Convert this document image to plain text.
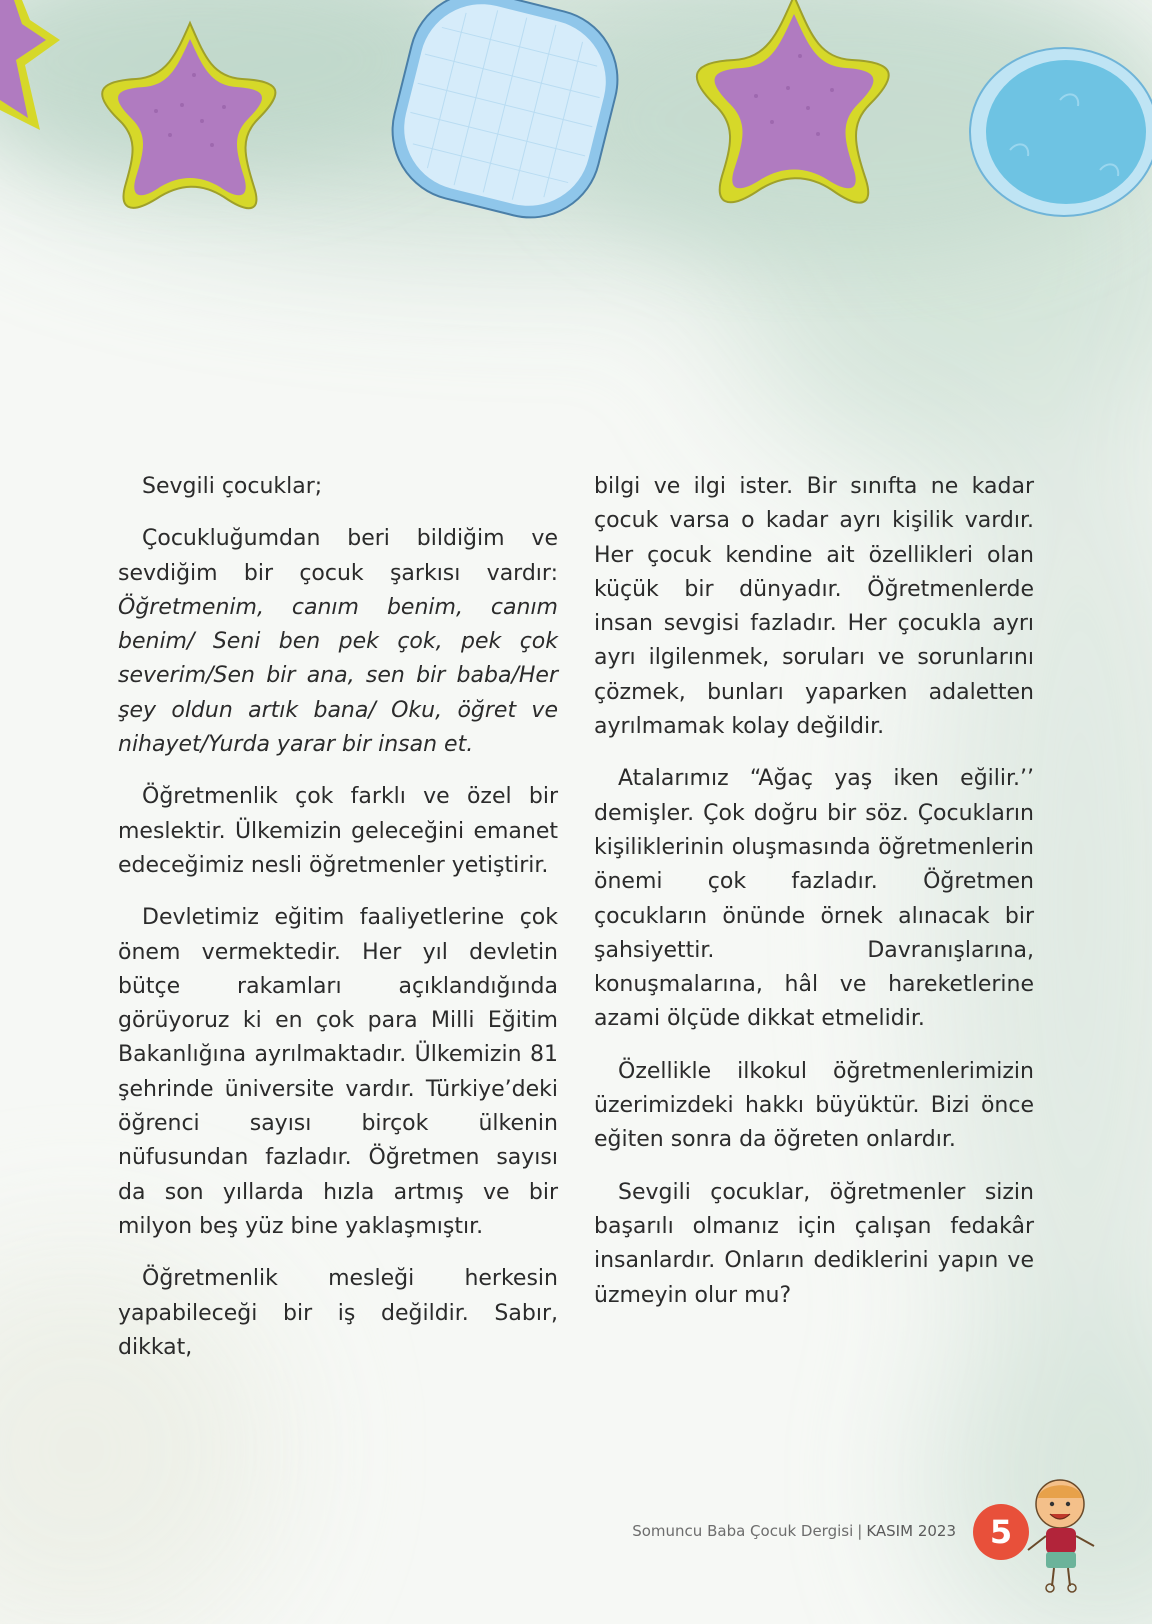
Sevgili çocuklar;

Çocukluğumdan beri bildiğim ve sevdiğim bir çocuk şarkısı vardır: Öğretmenim, canım benim, canım benim/ Seni ben pek çok, pek çok severim/Sen bir ana, sen bir baba/Her şey oldun artık bana/ Oku, öğret ve nihayet/Yurda yarar bir insan et.

Öğretmenlik çok farklı ve özel bir meslektir. Ülkemizin geleceğini emanet edeceğimiz nesli öğretmenler yetiştirir.

Devletimiz eğitim faaliyetlerine çok önem vermektedir. Her yıl devletin bütçe rakamları açıklandığında görüyoruz ki en çok para Milli Eğitim Bakanlığına ayrılmaktadır. Ülkemizin 81 şehrinde üniversite vardır. Türkiye’deki öğrenci sayısı birçok ülkenin nüfusundan fazladır. Öğretmen sayısı da son yıllarda hızla artmış ve bir milyon beş yüz bine yaklaşmıştır.

Öğretmenlik mesleği herkesin yapabileceği bir iş değildir. Sabır, dikkat,

bilgi ve ilgi ister. Bir sınıfta ne kadar çocuk varsa o kadar ayrı kişilik vardır. Her çocuk kendine ait özellikleri olan küçük bir dünyadır. Öğretmenlerde insan sevgisi fazladır. Her çocukla ayrı ayrı ilgilenmek, soruları ve sorunlarını çözmek, bunları yaparken adaletten ayrılmamak kolay değildir.

Atalarımız “Ağaç yaş iken eğilir.’’ demişler. Çok doğru bir söz. Çocukların kişiliklerinin oluşmasında öğretmenlerin önemi çok fazladır. Öğretmen çocukların önünde örnek alınacak bir şahsiyettir. Davranışlarına, konuşmalarına, hâl ve hareketlerine azami ölçüde dikkat etmelidir.

Özellikle ilkokul öğretmenlerimizin üzerimizdeki hakkı büyüktür. Bizi önce eğiten sonra da öğreten onlardır.

Sevgili çocuklar, öğretmenler sizin başarılı olmanız için çalışan fedakâr insanlardır. Onların dediklerini yapın ve üzmeyin olur mu?

Somuncu Baba Çocuk Dergisi | KASIM 2023	5
